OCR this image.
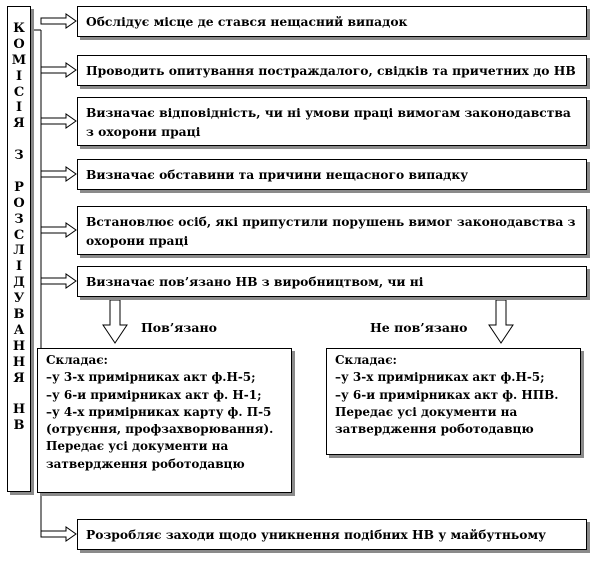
К
О
М
І
С
І
Я
З
Р
О
З
С
Л
І
Д
У
В
А
Н
Н
Я
Н
В
Обслідує місце де стався нещасний випадок
Проводить опитування постраждалого, свідків та причетних до НВ
Визначає відповідність, чи ні умови праці вимогам законодавства з охорони праці
Визначає обставини та причини нещасного випадку
Встановлює осіб, які припустили порушень вимог законодавства з охорони праці
Визначає пов’язано НВ з виробництвом, чи ні
Пов’язано	Не пов’язано
Складає:
–у 3-х примірниках акт ф.Н-5;
–у 6-и примірниках акт ф. Н-1;
–у 4-х примірниках карту ф. П-5
(отруєння, профзахворювання).
Передає усі документи на
затвердження роботодавцю
Складає:
–у 3-х примірниках акт ф.Н-5;
–у 6-и примірниках акт ф. НПВ.
Передає усі документи на
затвердження роботодавцю
Розробляє заходи щодо уникнення подібних НВ у майбутньому
